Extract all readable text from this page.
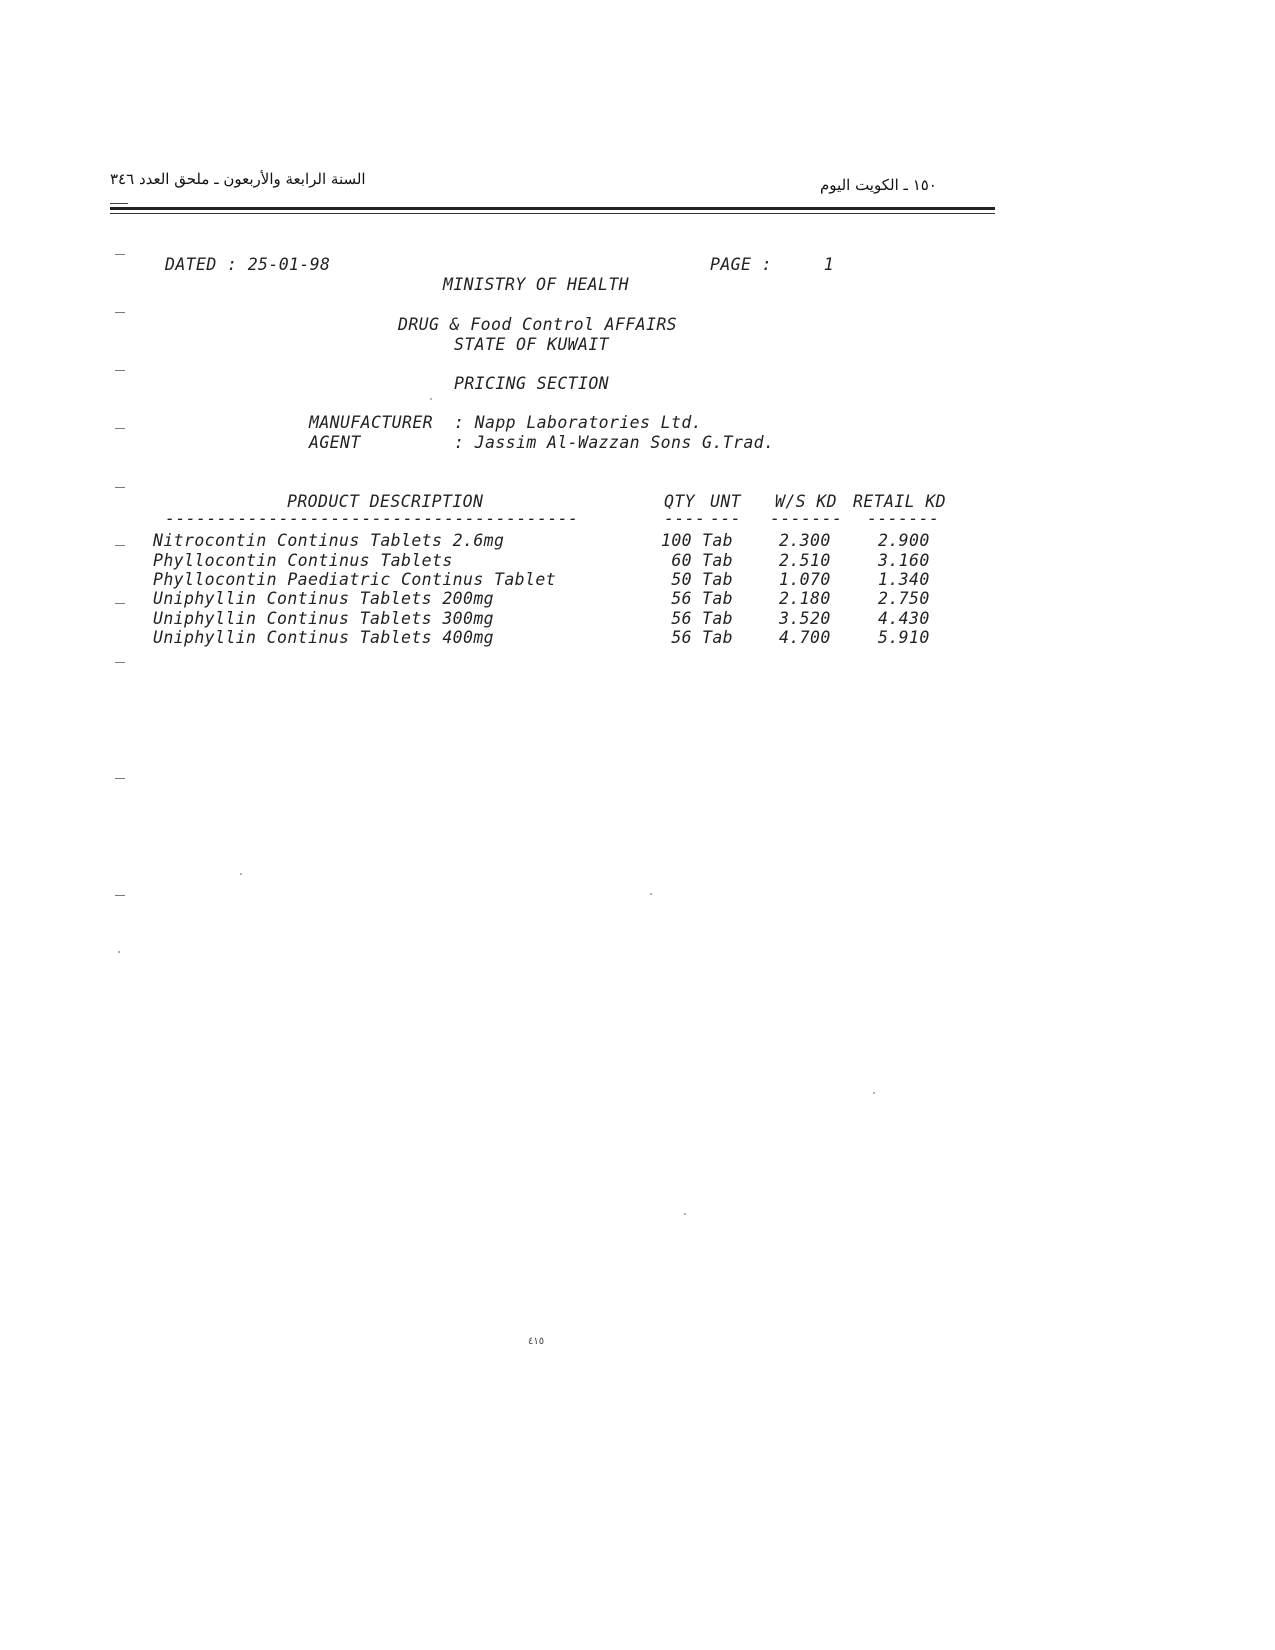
السنة الرابعة والأربعون ـ ملحق العدد ٣٤٦	١٥٠ ـ الكويت اليوم
DATED : 25-01-98	PAGE :     1
MINISTRY OF HEALTH
DRUG & Food Control AFFAIRS
STATE OF KUWAIT
PRICING SECTION
MANUFACTURER : Napp Laboratories Ltd.
AGENT	: Jassim Al-Wazzan Sons G.Trad.
PRODUCT DESCRIPTION	QTY UNT W/S KD RETAIL KD
----------------------------------------	---- --- ------- -------
Nitrocontin Continus Tablets 2.6mg	100 Tab	2.300	2.900
Phyllocontin Continus Tablets	60 Tab	2.510	3.160
Phyllocontin Paediatric Continus Tablet	50 Tab	1.070	1.340
Uniphyllin Continus Tablets 200mg	56 Tab	2.180	2.750
Uniphyllin Continus Tablets 300mg	56 Tab	3.520	4.430
Uniphyllin Continus Tablets 400mg	56 Tab	4.700	5.910
٤١٥
